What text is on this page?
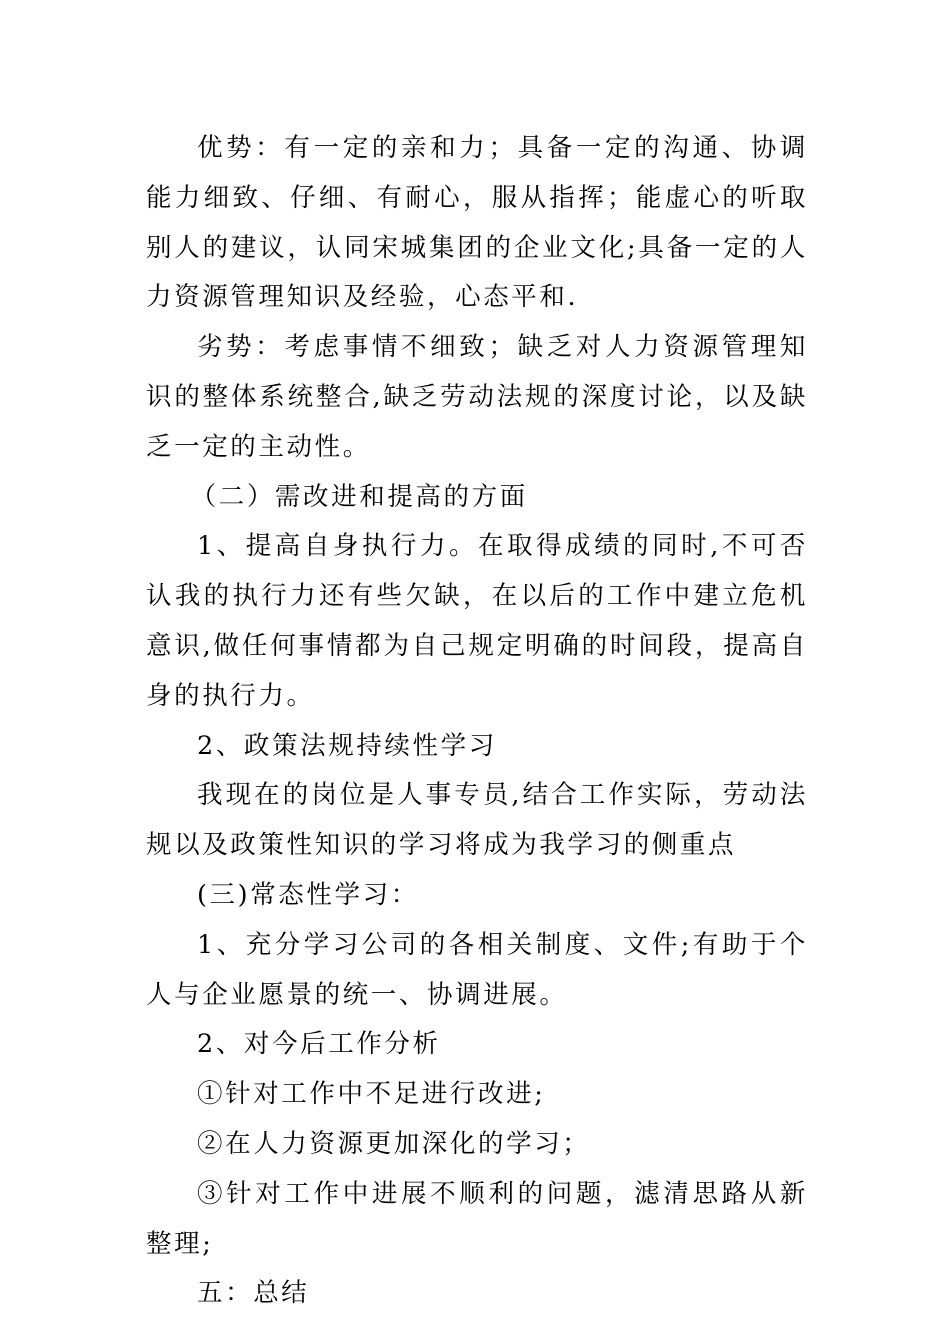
优势：有一定的亲和力；具备一定的沟通、协调能力细致、仔细、有耐心，服从指挥；能虚心的听取别人的建议，认同宋城集团的企业文化;具备一定的人力资源管理知识及经验，心态平和.

劣势：考虑事情不细致；缺乏对人力资源管理知识的整体系统整合,缺乏劳动法规的深度讨论，以及缺乏一定的主动性。

（二）需改进和提高的方面

1、提高自身执行力。在取得成绩的同时,不可否认我的执行力还有些欠缺，在以后的工作中建立危机意识,做任何事情都为自己规定明确的时间段，提高自身的执行力。

2、政策法规持续性学习

我现在的岗位是人事专员,结合工作实际，劳动法规以及政策性知识的学习将成为我学习的侧重点

(三)常态性学习：

1、充分学习公司的各相关制度、文件;有助于个人与企业愿景的统一、协调进展。

2、对今后工作分析

①针对工作中不足进行改进;

②在人力资源更加深化的学习；

③针对工作中进展不顺利的问题，滤清思路从新整理;

五：总结
